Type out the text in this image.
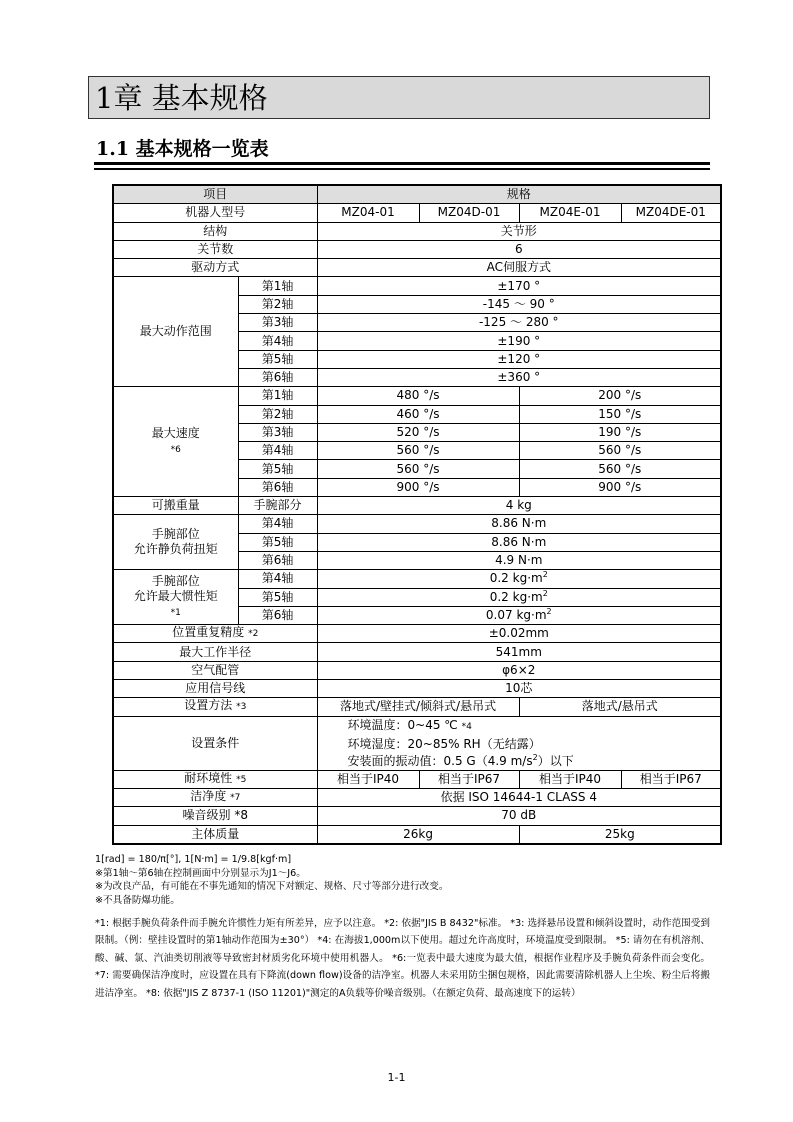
1章 基本规格
1.1 基本规格一览表
项目		规格			
机器人型号		MZ04-01	MZ04D-01	MZ04E-01	MZ04DE-01
结构		关节形			
关节数		6			
驱动方式		AC伺服方式			
最大动作范围	第1轴	±170 °			
	第2轴	-145 ～ 90 °			
	第3轴	-125 ～ 280 °			
	第4轴	±190 °			
	第5轴	±120 °			
	第6轴	±360 °			
最大速度
*6	第1轴	480 °/s		200 °/s	
	第2轴	460 °/s		150 °/s	
	第3轴	520 °/s		190 °/s	
	第4轴	560 °/s		560 °/s	
	第5轴	560 °/s		560 °/s	
	第6轴	900 °/s		900 °/s	
可搬重量	手腕部分	4 kg			
手腕部位
允许静负荷扭矩	第4轴	8.86 N·m			
	第5轴	8.86 N·m			
	第6轴	4.9 N·m			
手腕部位
允许最大惯性矩
*1	第4轴	0.2 $kg\cdot m^2$
	第5轴	0.2 $kg\cdot m^2$
	第6轴	0.07 $kg\cdot m^2$
位置重复精度 *2		±0.02mm			
最大工作半径		541mm			
空气配管		φ6×2			
应用信号线		10芯			
设置方法 *3		落地式/壁挂式/倾斜式/悬吊式		落地式/悬吊式	
设置条件		环境温度：0~45 ℃ *4
环境湿度：20~85% RH（无结露）
安装面的振动值：0.5 G（4.9 $m/s^2$）以下			
耐环境性 *5		相当于IP40	相当于IP67	相当于IP40	相当于IP67
洁净度 *7		依据 ISO 14644-1 CLASS 4			
噪音级别 *8		70 dB			
主体质量		26kg		25kg	
1[rad] = 180/π[°], 1[N·m] = 1/9.8[kgf·m]
※第1轴～第6轴在控制画面中分别显示为J1～J6。
※为改良产品，有可能在不事先通知的情况下对额定、规格、尺寸等部分进行改变。
※不具备防爆功能。
*1: 根据手腕负荷条件而手腕允许惯性力矩有所差异，应予以注意。 *2: 依据"JIS B 8432"标准。 *3: 选择悬吊设置和倾斜设置时，动作范围受到限制。（例：壁挂设置时的第1轴动作范围为±30°） *4: 在海拔1,000m以下使用。超过允许高度时，环境温度受到限制。 *5: 请勿在有机溶剂、酸、碱、氯、汽油类切削液等导致密封材质劣化环境中使用机器人。 *6:一览表中最大速度为最大值，根据作业程序及手腕负荷条件而会变化。 *7: 需要确保洁净度时，应设置在具有下降流(down flow)设备的洁净室。机器人未采用防尘捆包规格，因此需要清除机器人上尘埃、粉尘后将搬进洁净室。 *8: 依据"JIS Z 8737-1 (ISO 11201)"测定的A负载等价噪音级别。（在额定负荷、最高速度下的运转）
1-1
